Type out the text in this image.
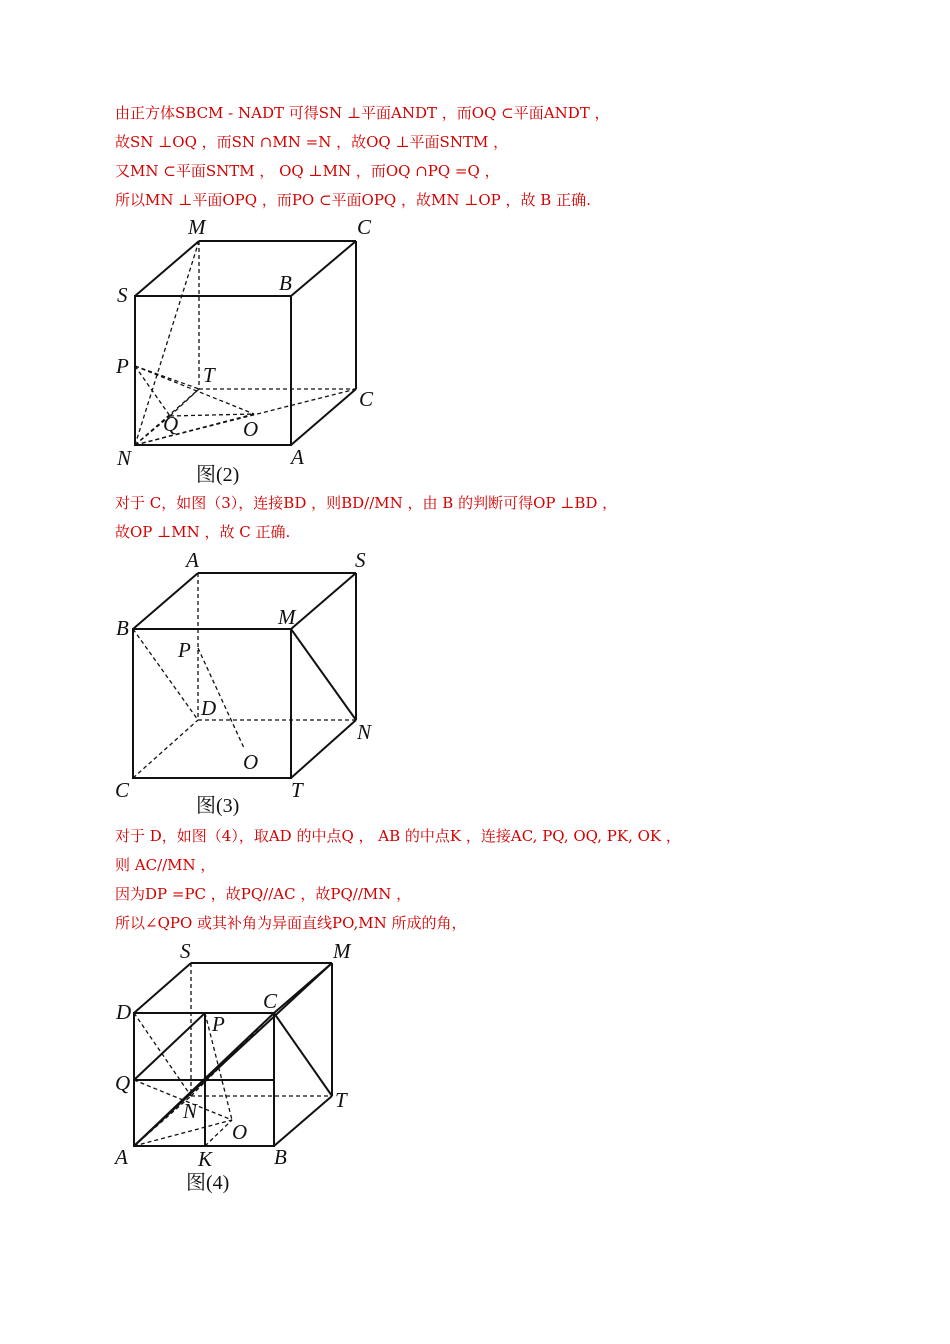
由正方体SBCM - NADT 可得SN ⊥平面ANDT ，而OQ ⊂平面ANDT ，
故SN ⊥OQ ，而SN ∩MN =N ，故OQ ⊥平面SNTM ，
又MN ⊂平面SNTM ， OQ ⊥MN ，而OQ ∩PQ =Q ，
所以MN ⊥平面OPQ ，而PO ⊂平面OPQ ，故MN ⊥OP ，故 B 正确.
M	C
S	B
P	T
C
Q	O
N	A
图(2)
对于 C，如图（3），连接BD ，则BD//MN ，由 B 的判断可得OP ⊥BD ，
故OP ⊥MN ，故 C 正确.
A	S
B	M
P
D
N
O
C	T
图(3)
对于 D，如图（4），取AD 的中点Q ， AB 的中点K ，连接AC, PQ, OQ, PK, OK ，
则 AC//MN ，
因为DP =PC ，故PQ//AC ，故PQ//MN ，
所以∠QPO 或其补角为异面直线PO,MN 所成的角，
S	M
D	C
P
Q
N	T
O
A	K	B
图(4)
